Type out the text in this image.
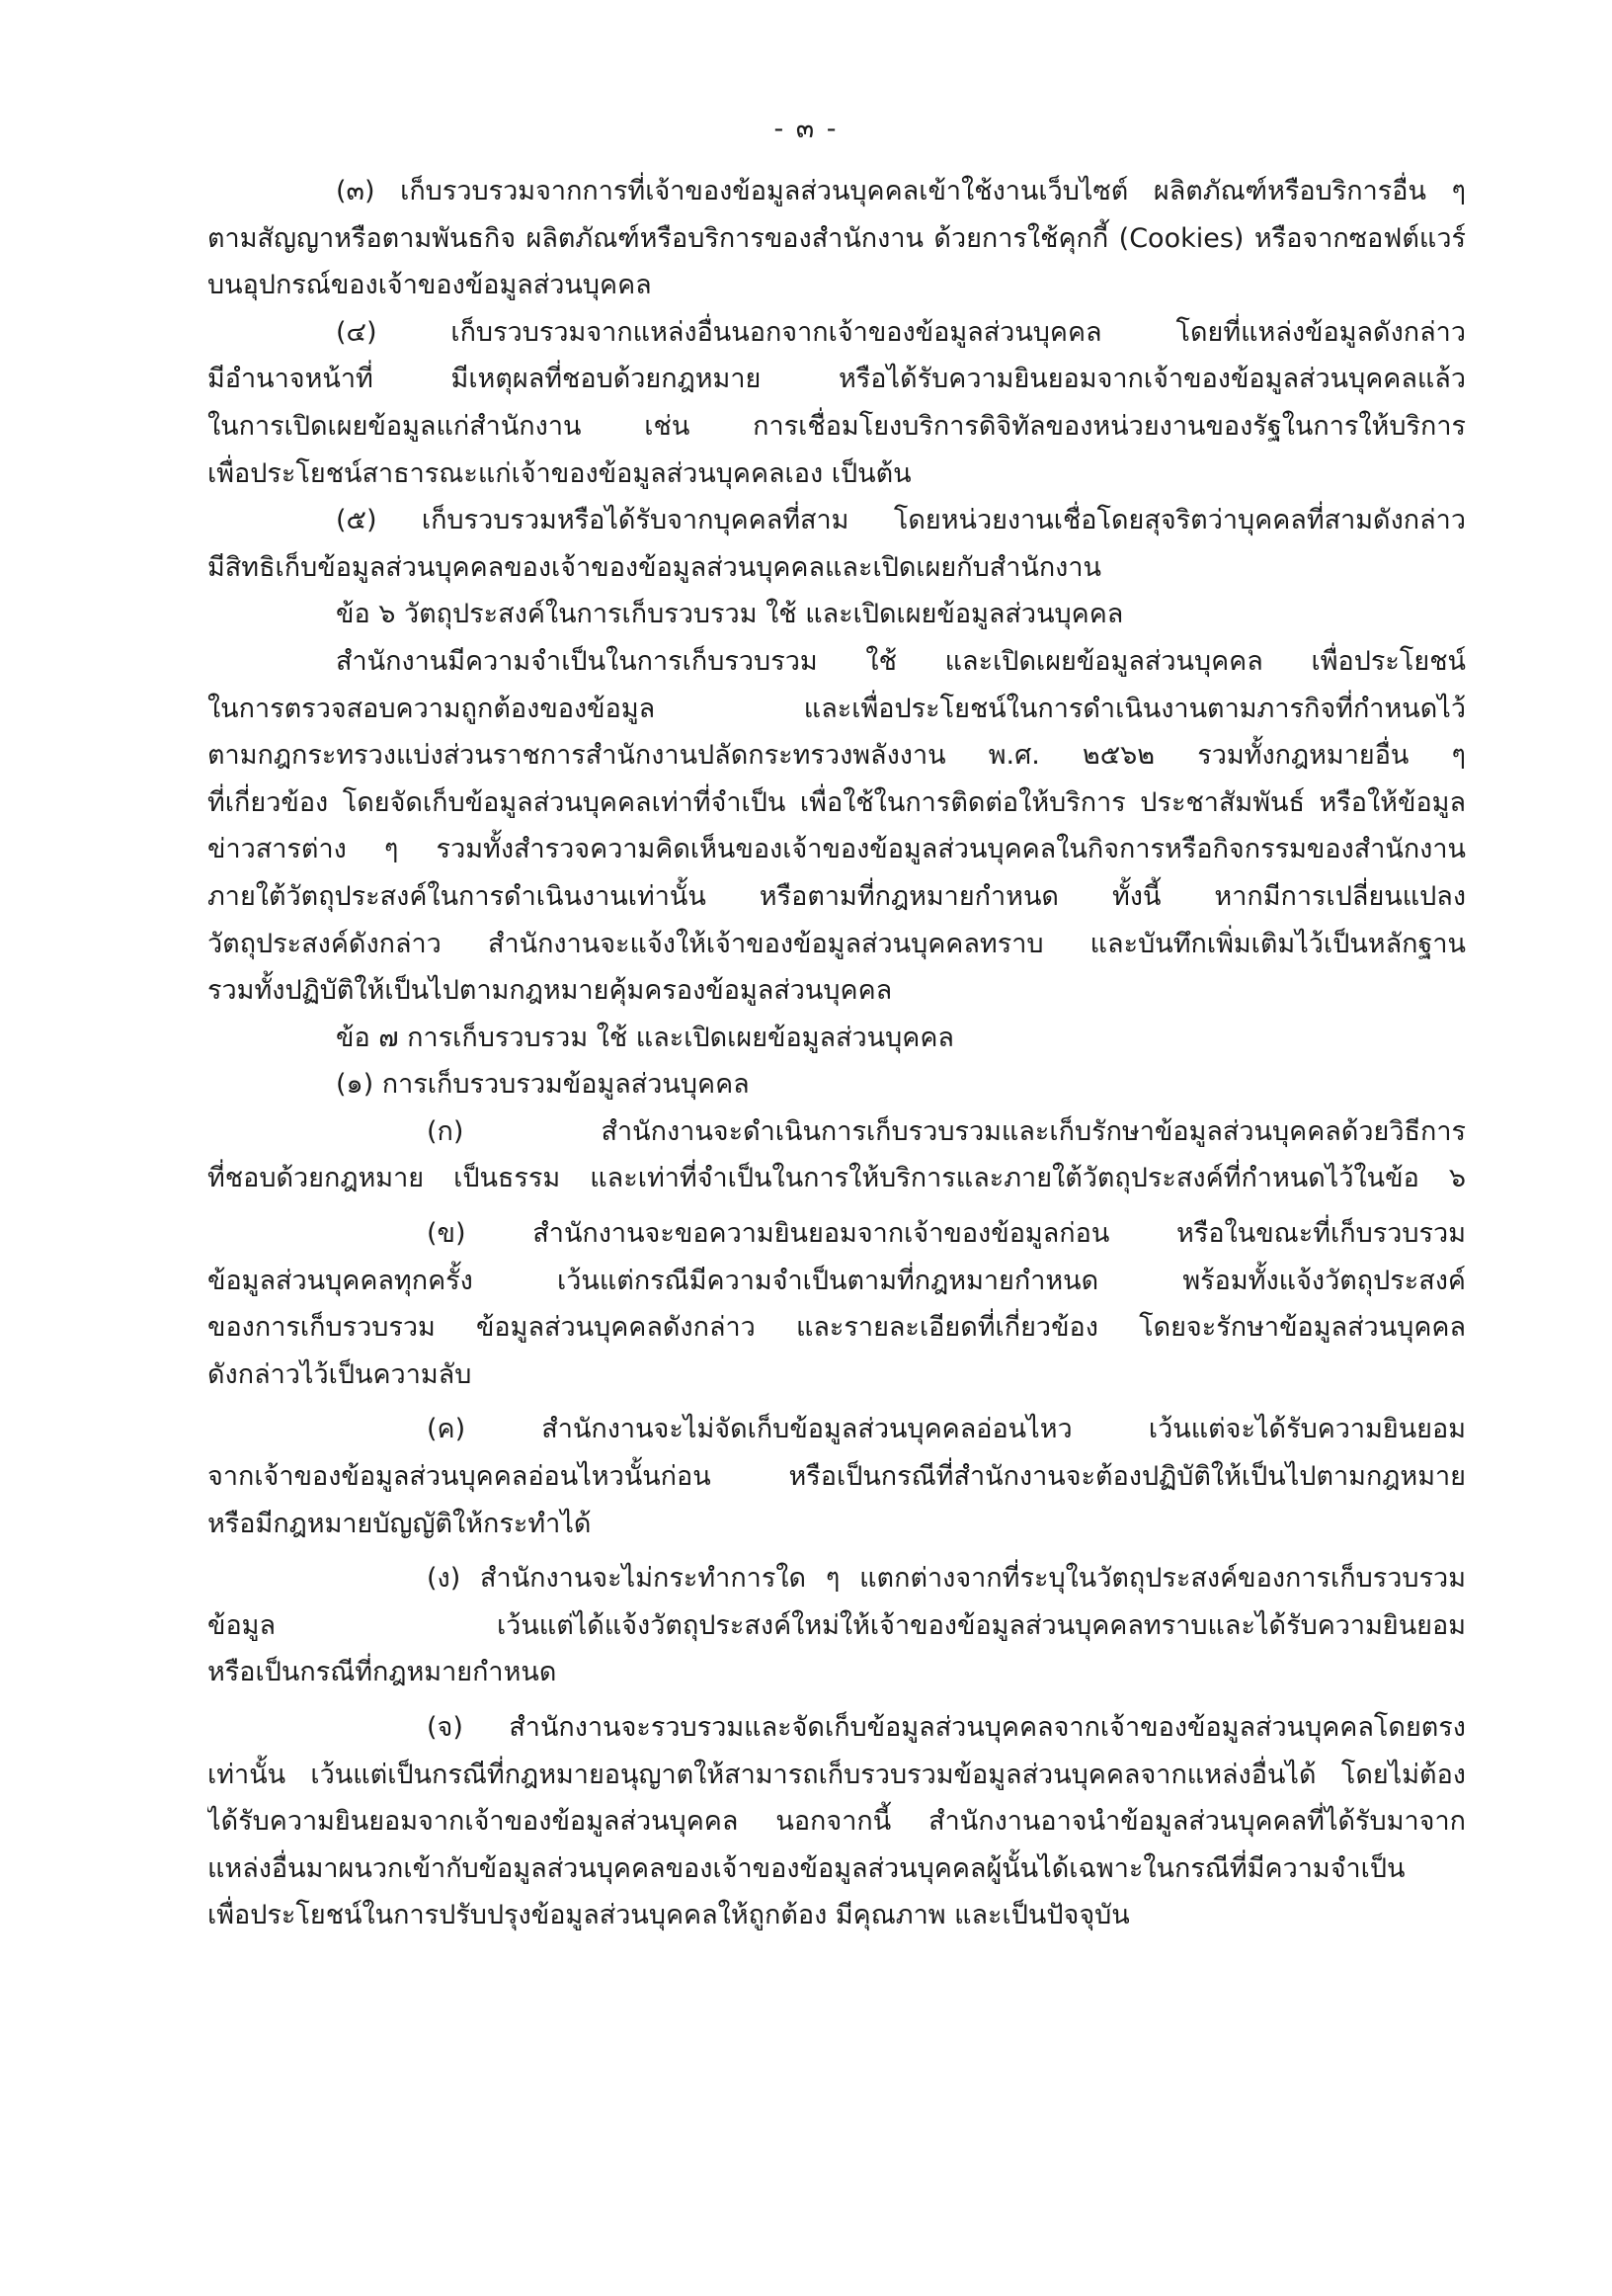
- ๓ -
(๓) เก็บรวบรวมจากการที่เจ้าของข้อมูลส่วนบุคคลเข้าใช้งานเว็บไซต์ ผลิตภัณฑ์หรือบริการอื่น ๆ
ตามสัญญาหรือตามพันธกิจ ผลิตภัณฑ์หรือบริการของสำนักงาน ด้วยการใช้คุกกี้ (Cookies) หรือจากซอฟต์แวร์
บนอุปกรณ์ของเจ้าของข้อมูลส่วนบุคคล
(๔) เก็บรวบรวมจากแหล่งอื่นนอกจากเจ้าของข้อมูลส่วนบุคคล โดยที่แหล่งข้อมูลดังกล่าว
มีอำนาจหน้าที่ มีเหตุผลที่ชอบด้วยกฎหมาย หรือได้รับความยินยอมจากเจ้าของข้อมูลส่วนบุคคลแล้ว
ในการเปิดเผยข้อมูลแก่สำนักงาน เช่น การเชื่อมโยงบริการดิจิทัลของหน่วยงานของรัฐในการให้บริการ
เพื่อประโยชน์สาธารณะแก่เจ้าของข้อมูลส่วนบุคคลเอง เป็นต้น
(๕) เก็บรวบรวมหรือได้รับจากบุคคลที่สาม โดยหน่วยงานเชื่อโดยสุจริตว่าบุคคลที่สามดังกล่าว
มีสิทธิเก็บข้อมูลส่วนบุคคลของเจ้าของข้อมูลส่วนบุคคลและเปิดเผยกับสำนักงาน
ข้อ ๖ วัตถุประสงค์ในการเก็บรวบรวม ใช้ และเปิดเผยข้อมูลส่วนบุคคล
สำนักงานมีความจำเป็นในการเก็บรวบรวม ใช้ และเปิดเผยข้อมูลส่วนบุคคล เพื่อประโยชน์
ในการตรวจสอบความถูกต้องของข้อมูล และเพื่อประโยชน์ในการดำเนินงานตามภารกิจที่กำหนดไว้
ตามกฎกระทรวงแบ่งส่วนราชการสำนักงานปลัดกระทรวงพลังงาน พ.ศ. ๒๕๖๒ รวมทั้งกฎหมายอื่น ๆ
ที่เกี่ยวข้อง โดยจัดเก็บข้อมูลส่วนบุคคลเท่าที่จำเป็น เพื่อใช้ในการติดต่อให้บริการ ประชาสัมพันธ์ หรือให้ข้อมูล
ข่าวสารต่าง ๆ รวมทั้งสำรวจความคิดเห็นของเจ้าของข้อมูลส่วนบุคคลในกิจการหรือกิจกรรมของสำนักงาน
ภายใต้วัตถุประสงค์ในการดำเนินงานเท่านั้น หรือตามที่กฎหมายกำหนด ทั้งนี้ หากมีการเปลี่ยนแปลง
วัตถุประสงค์ดังกล่าว สำนักงานจะแจ้งให้เจ้าของข้อมูลส่วนบุคคลทราบ และบันทึกเพิ่มเติมไว้เป็นหลักฐาน
รวมทั้งปฏิบัติให้เป็นไปตามกฎหมายคุ้มครองข้อมูลส่วนบุคคล
ข้อ ๗ การเก็บรวบรวม ใช้ และเปิดเผยข้อมูลส่วนบุคคล
(๑) การเก็บรวบรวมข้อมูลส่วนบุคคล
(ก) สำนักงานจะดำเนินการเก็บรวบรวมและเก็บรักษาข้อมูลส่วนบุคคลด้วยวิธีการ
ที่ชอบด้วยกฎหมาย เป็นธรรม และเท่าที่จำเป็นในการให้บริการและภายใต้วัตถุประสงค์ที่กำหนดไว้ในข้อ ๖
(ข) สำนักงานจะขอความยินยอมจากเจ้าของข้อมูลก่อน หรือในขณะที่เก็บรวบรวม
ข้อมูลส่วนบุคคลทุกครั้ง เว้นแต่กรณีมีความจำเป็นตามที่กฎหมายกำหนด พร้อมทั้งแจ้งวัตถุประสงค์
ของการเก็บรวบรวม ข้อมูลส่วนบุคคลดังกล่าว และรายละเอียดที่เกี่ยวข้อง โดยจะรักษาข้อมูลส่วนบุคคล
ดังกล่าวไว้เป็นความลับ
(ค) สำนักงานจะไม่จัดเก็บข้อมูลส่วนบุคคลอ่อนไหว เว้นแต่จะได้รับความยินยอม
จากเจ้าของข้อมูลส่วนบุคคลอ่อนไหวนั้นก่อน หรือเป็นกรณีที่สำนักงานจะต้องปฏิบัติให้เป็นไปตามกฎหมาย
หรือมีกฎหมายบัญญัติให้กระทำได้
(ง) สำนักงานจะไม่กระทำการใด ๆ แตกต่างจากที่ระบุในวัตถุประสงค์ของการเก็บรวบรวม
ข้อมูล เว้นแต่ได้แจ้งวัตถุประสงค์ใหม่ให้เจ้าของข้อมูลส่วนบุคคลทราบและได้รับความยินยอม
หรือเป็นกรณีที่กฎหมายกำหนด
(จ) สำนักงานจะรวบรวมและจัดเก็บข้อมูลส่วนบุคคลจากเจ้าของข้อมูลส่วนบุคคลโดยตรง
เท่านั้น เว้นแต่เป็นกรณีที่กฎหมายอนุญาตให้สามารถเก็บรวบรวมข้อมูลส่วนบุคคลจากแหล่งอื่นได้ โดยไม่ต้อง
ได้รับความยินยอมจากเจ้าของข้อมูลส่วนบุคคล นอกจากนี้ สำนักงานอาจนำข้อมูลส่วนบุคคลที่ได้รับมาจาก
แหล่งอื่นมาผนวกเข้ากับข้อมูลส่วนบุคคลของเจ้าของข้อมูลส่วนบุคคลผู้นั้นได้เฉพาะในกรณีที่มีความจำเป็น
เพื่อประโยชน์ในการปรับปรุงข้อมูลส่วนบุคคลให้ถูกต้อง มีคุณภาพ และเป็นปัจจุบัน
